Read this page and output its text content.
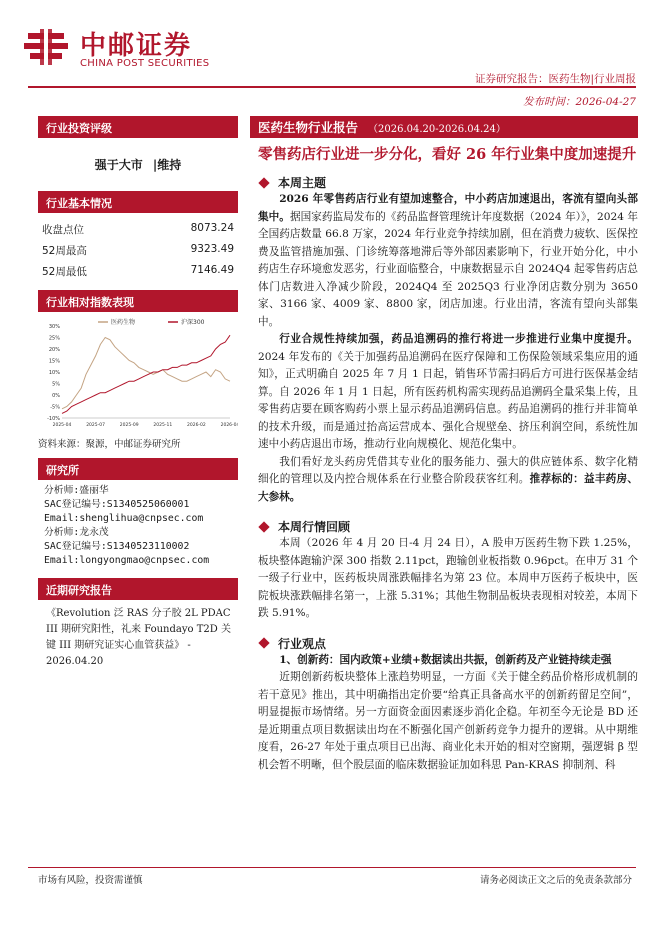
中邮证券
CHINA POST SECURITIES
证券研究报告：医药生物|行业周报
发布时间：2026-04-27
行业投资评级
强于大市 |维持
行业基本情况
收盘点位	8073.24
52周最高	9323.49
52周最低	7146.49
行业相对指数表现
-10%
-5%
0%
5%
10%
15%
20%
25%
30%
2025-04	2025-07	2025-09	2025-11	2026-02	2026-04
医药生物	沪深300
资料来源：聚源，中邮证券研究所
研究所
分析师:盛丽华
SAC登记编号:S1340525060001
Email:shenglihua@cnpsec.com
分析师:龙永茂
SAC登记编号:S1340523110002
Email:longyongmao@cnpsec.com
近期研究报告
《Revolution 泛 RAS 分子胶 2L PDAC III 期研究阳性，礼来 Foundayo T2D 关键 III 期研究证实心血管获益》 - 2026.04.20
医药生物行业报告 （2026.04.20-2026.04.24）
零售药店行业进一步分化，看好 26 年行业集中度加速提升
本周主题

2026 年零售药店行业有望加速整合，中小药店加速退出，客流有望向头部集中。据国家药监局发布的《药品监督管理统计年度数据（2024 年）》，2024 年全国药店数量 66.8 万家，2024 年行业竞争持续加剧，但在消费力疲软、医保控费及监管措施加强、门诊统筹落地滞后等外部因素影响下，行业开始分化，中小药店生存环境愈发恶劣，行业面临整合，中康数据显示自 2024Q4 起零售药店总体门店数进入净减少阶段，2024Q4 至 2025Q3 行业净闭店数分别为 3650 家、3166 家、4009 家、8800 家，闭店加速。行业出清，客流有望向头部集中。

行业合规性持续加强，药品追溯码的推行将进一步推进行业集中度提升。2024 年发布的《关于加强药品追溯码在医疗保障和工伤保险领域采集应用的通知》，正式明确自 2025 年 7 月 1 日起，销售环节需扫码后方可进行医保基金结算。自 2026 年 1 月 1 日起，所有医药机构需实现药品追溯码全量采集上传，且零售药店要在顾客购药小票上显示药品追溯码信息。药品追溯码的推行并非简单的技术升级，而是通过抬高运营成本、强化合规壁垒、挤压利润空间，系统性加速中小药店退出市场，推动行业向规模化、规范化集中。

我们看好龙头药房凭借其专业化的服务能力、强大的供应链体系、数字化精细化的管理以及内控合规体系在行业整合阶段获客红利。推荐标的：益丰药房、大参林。

本周行情回顾

本周（2026 年 4 月 20 日-4 月 24 日），A 股申万医药生物下跌 1.25%，板块整体跑输沪深 300 指数 2.11pct，跑输创业板指数 0.96pct。在申万 31 个一级子行业中，医药板块周涨跌幅排名为第 23 位。本周申万医药子板块中，医院板块涨跌幅排名第一，上涨 5.31%；其他生物制品板块表现相对较差，本周下跌 5.91%。

行业观点

1、创新药：国内政策+业绩+数据读出共振，创新药及产业链持续走强

近期创新药板块整体上涨趋势明显，一方面《关于健全药品价格形成机制的若干意见》推出，其中明确指出定价要“给真正具备高水平的创新药留足空间”，明显提振市场情绪。另一方面资金面因素逐步消化企稳。年初至今无论是 BD 还是近期重点项目数据读出均在不断强化国产创新药竞争力提升的逻辑。从中期维度看，26-27 年处于重点项目已出海、商业化未开始的相对空窗期，强逻辑 β 型机会暂不明晰，但个股层面的临床数据验证加如科思 Pan-KRAS 抑制剂、科

市场有风险，投资需谨慎	请务必阅读正文之后的免责条款部分
